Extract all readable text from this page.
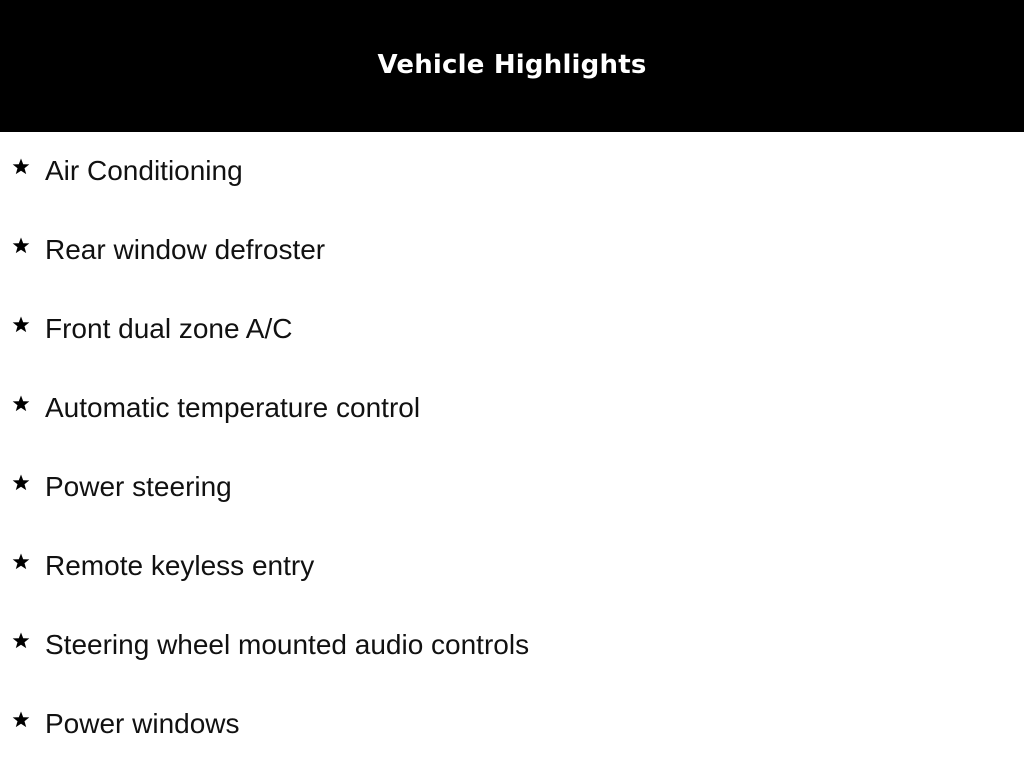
Vehicle Highlights
Air Conditioning
Rear window defroster
Front dual zone A/C
Automatic temperature control
Power steering
Remote keyless entry
Steering wheel mounted audio controls
Power windows
